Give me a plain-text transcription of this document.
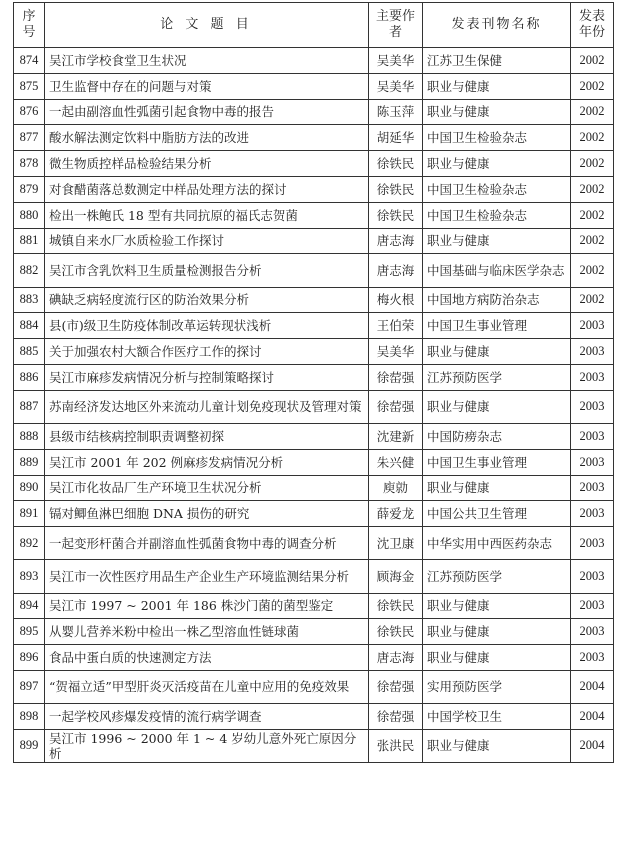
序号	论 文 题 目	主要作者	发表刊物名称	发表年份
874	吴江市学校食堂卫生状况	吴美华	江苏卫生保健	2002
875	卫生监督中存在的问题与对策	吴美华	职业与健康	2002
876	一起由副溶血性弧菌引起食物中毒的报告	陈玉萍	职业与健康	2002
877	酸水解法测定饮料中脂肪方法的改进	胡延华	中国卫生检验杂志	2002
878	微生物质控样品检验结果分析	徐铁民	职业与健康	2002
879	对食醋菌落总数测定中样品处理方法的探讨	徐铁民	中国卫生检验杂志	2002
880	检出一株鲍氏 18 型有共同抗原的福氏志贺菌	徐铁民	中国卫生检验杂志	2002
881	城镇自来水厂水质检验工作探讨	唐志海	职业与健康	2002
882	吴江市含乳饮料卫生质量检测报告分析	唐志海	中国基础与临床医学杂志	2002
883	碘缺乏病轻度流行区的防治效果分析	梅火根	中国地方病防治杂志	2002
884	县(市)级卫生防疫体制改革运转现状浅析	王伯荣	中国卫生事业管理	2003
885	关于加强农村大额合作医疗工作的探讨	吴美华	职业与健康	2003
886	吴江市麻疹发病情况分析与控制策略探讨	徐䓨强	江苏预防医学	2003
887	苏南经济发达地区外来流动儿童计划免疫现状及管理对策	徐䓨强	职业与健康	2003
888	县级市结核病控制职责调整初探	沈建新	中国防痨杂志	2003
889	吴江市 2001 年 202 例麻疹发病情况分析	朱兴健	中国卫生事业管理	2003
890	吴江市化妆品厂生产环境卫生状况分析	庾勍	职业与健康	2003
891	镉对鲫鱼淋巴细胞 DNA 损伤的研究	薛爱龙	中国公共卫生管理	2003
892	一起变形杆菌合并副溶血性弧菌食物中毒的调查分析	沈卫康	中华实用中西医药杂志	2003
893	吴江市一次性医疗用品生产企业生产环境监测结果分析	顾海金	江苏预防医学	2003
894	吴江市 1997 ~ 2001 年 186 株沙门菌的菌型鉴定	徐铁民	职业与健康	2003
895	从婴儿营养米粉中检出一株乙型溶血性链球菌	徐铁民	职业与健康	2003
896	食品中蛋白质的快速测定方法	唐志海	职业与健康	2003
897	“贺福立适”甲型肝炎灭活疫苗在儿童中应用的免疫效果	徐䓨强	实用预防医学	2004
898	一起学校风疹爆发疫情的流行病学调查	徐䓨强	中国学校卫生	2004
899	吴江市 1996 ~ 2000 年 1 ~ 4 岁幼儿意外死亡原因分析	张洪民	职业与健康	2004
